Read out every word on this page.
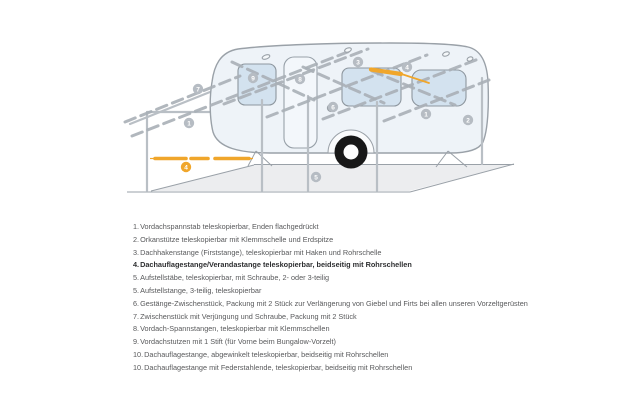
7
9	8
3
4
6
1
1
2
5
4
1.Vordachspannstab teleskopierbar, Enden flachgedrückt
2.Orkanstütze teleskopierbar mit Klemmschelle und Erdspitze
3.Dachhakenstange (Firststange), teleskopierbar mit Haken und Rohrschelle
4.Dachauflagestange/Verandastange teleskopierbar, beidseitig mit Rohrschellen
5.Aufstellstäbe, teleskopierbar, mit Schraube, 2- oder 3-teilig
5.Aufstellstange, 3-teilig, teleskopierbar
6.Gestänge-Zwischenstück, Packung mit 2 Stück zur Verlängerung von Giebel und Firts bei allen unseren Vorzeltgerüsten
7.Zwischenstück mit Verjüngung und Schraube, Packung mit 2 Stück
8.Vordach-Spannstangen, teleskopierbar mit Klemmschellen
9.Vordachstutzen mit 1 Stift (für Vorne beim Bungalow-Vorzelt)
10.Dachauflagestange, abgewinkelt teleskopierbar, beidseitig mit Rohrschellen
10.Dachauflagestange mit Federstahlende, teleskopierbar, beidseitig mit Rohrschellen
